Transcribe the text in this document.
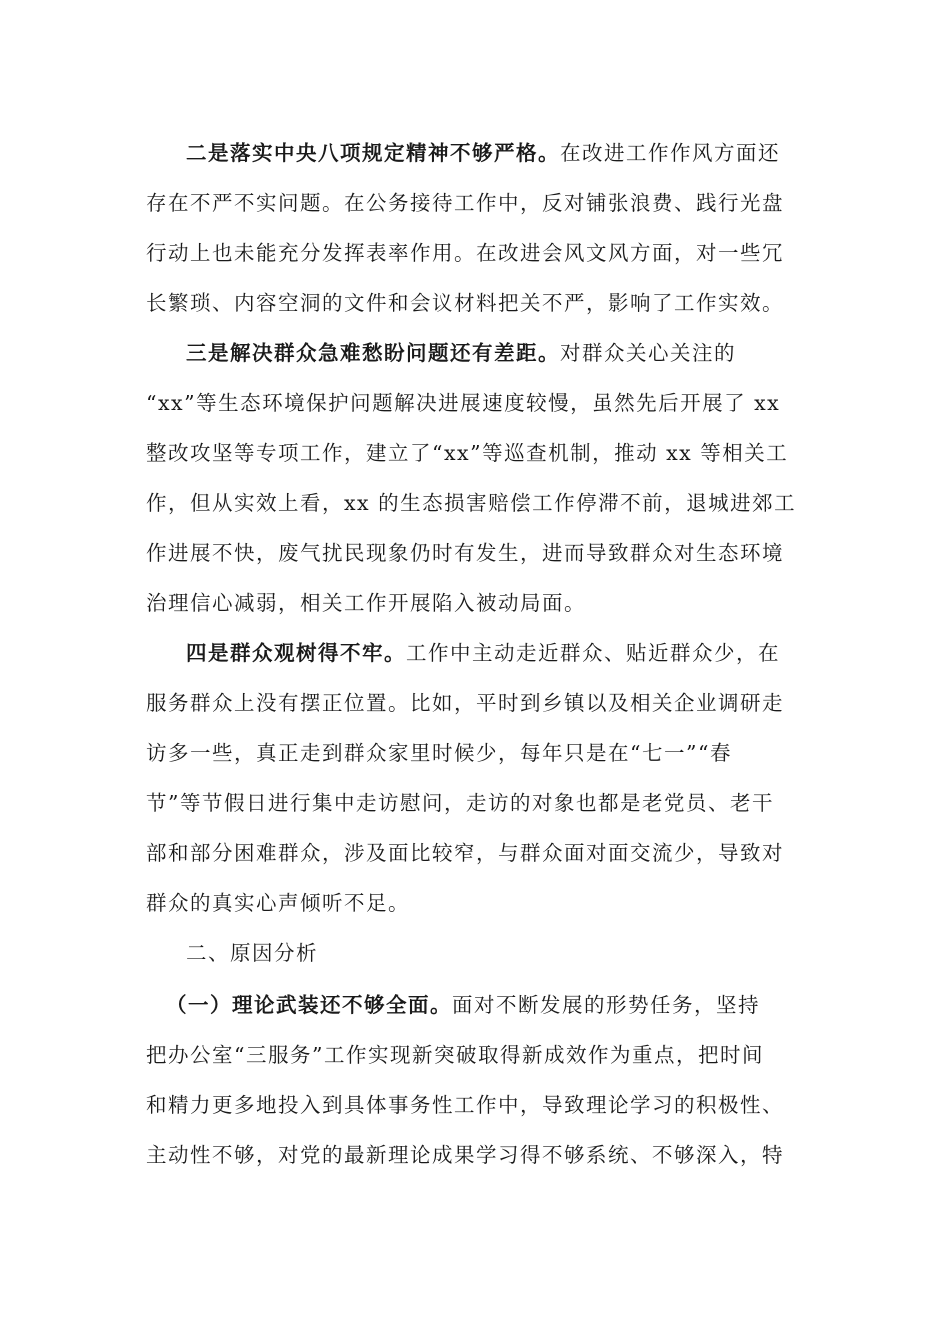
二是落实中央八项规定精神不够严格。在改进工作作风方面还
存在不严不实问题。在公务接待工作中，反对铺张浪费、践行光盘
行动上也未能充分发挥表率作用。在改进会风文风方面，对一些冗
长繁琐、内容空洞的文件和会议材料把关不严，影响了工作实效。
三是解决群众急难愁盼问题还有差距。对群众关心关注的
“xx”等生态环境保护问题解决进展速度较慢，虽然先后开展了 xx
整改攻坚等专项工作，建立了“xx”等巡查机制，推动 xx 等相关工
作，但从实效上看，xx 的生态损害赔偿工作停滞不前，退城进郊工
作进展不快，废气扰民现象仍时有发生，进而导致群众对生态环境
治理信心减弱，相关工作开展陷入被动局面。
四是群众观树得不牢。工作中主动走近群众、贴近群众少，在
服务群众上没有摆正位置。比如，平时到乡镇以及相关企业调研走
访多一些，真正走到群众家里时候少，每年只是在“七一”“春
节”等节假日进行集中走访慰问，走访的对象也都是老党员、老干
部和部分困难群众，涉及面比较窄，与群众面对面交流少，导致对
群众的真实心声倾听不足。
二、原因分析
（一）理论武装还不够全面。面对不断发展的形势任务，坚持
把办公室“三服务”工作实现新突破取得新成效作为重点，把时间
和精力更多地投入到具体事务性工作中，导致理论学习的积极性、
主动性不够，对党的最新理论成果学习得不够系统、不够深入，特
